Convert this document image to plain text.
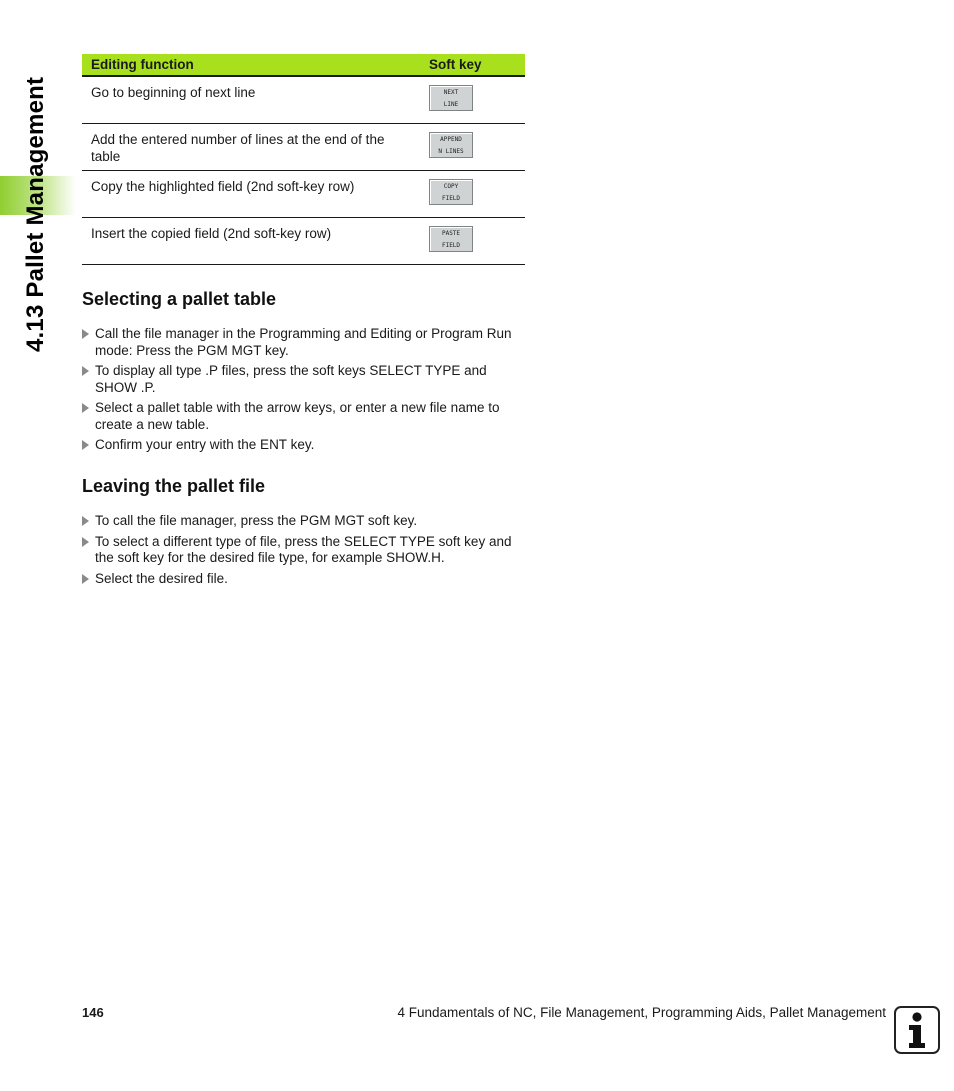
4.13 Pallet Management
Editing function	Soft key
Go to beginning of next line	NEXT
LINE

Add the entered number of lines at the end of the table	APPEND
N LINES

Copy the highlighted field (2nd soft-key row)	COPY
FIELD

Insert the copied field (2nd soft-key row)	PASTE
FIELD
Selecting a pallet table
Call the file manager in the Programming and Editing or Program Run mode: Press the PGM MGT key.
To display all type .P files, press the soft keys SELECT TYPE and SHOW .P.
Select a pallet table with the arrow keys, or enter a new file name to create a new table.
Confirm your entry with the ENT key.
Leaving the pallet file
To call the file manager, press the PGM MGT soft key.
To select a different type of file, press the SELECT TYPE soft key and the soft key for the desired file type, for example SHOW.H.
Select the desired file.
146	4 Fundamentals of NC, File Management, Programming Aids, Pallet Management
